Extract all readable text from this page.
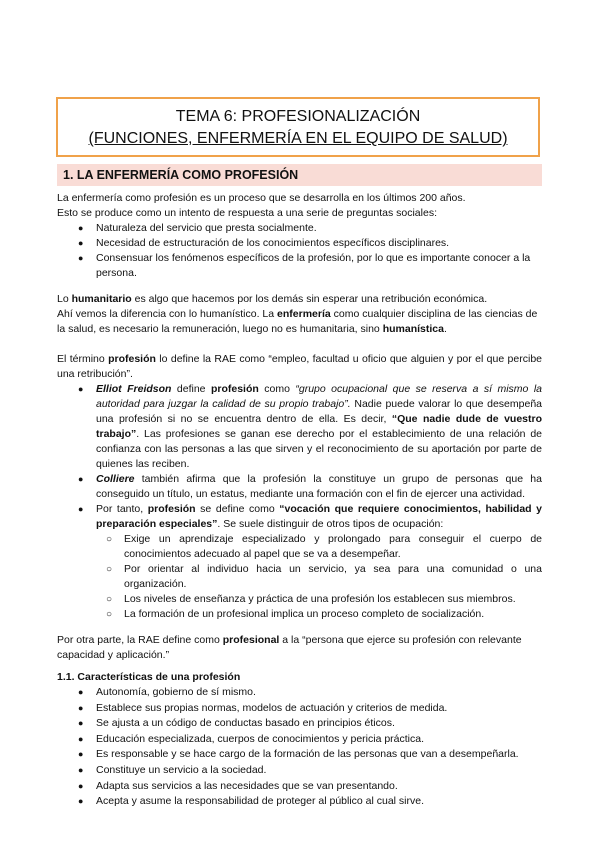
TEMA 6: PROFESIONALIZACIÓN
(FUNCIONES, ENFERMERÍA EN EL EQUIPO DE SALUD)
1. LA ENFERMERÍA COMO PROFESIÓN
La enfermería como profesión es un proceso que se desarrolla en los últimos 200 años.
Esto se produce como un intento de respuesta a una serie de preguntas sociales:
● Naturaleza del servicio que presta socialmente.
● Necesidad de estructuración de los conocimientos específicos disciplinares.
● Consensuar los fenómenos específicos de la profesión, por lo que es importante conocer a la persona.
Lo humanitario es algo que hacemos por los demás sin esperar una retribución económica.
Ahí vemos la diferencia con lo humanístico. La enfermería como cualquier disciplina de las ciencias de la salud, es necesario la remuneración, luego no es humanitaria, sino humanística.
El término profesión lo define la RAE como “empleo, facultad u oficio que alguien y por el que percibe una retribución”.
● Elliot Freidson define profesión como “grupo ocupacional que se reserva a sí mismo la autoridad para juzgar la calidad de su propio trabajo”. Nadie puede valorar lo que desempeña una profesión si no se encuentra dentro de ella. Es decir, “Que nadie dude de vuestro trabajo”. Las profesiones se ganan ese derecho por el establecimiento de una relación de confianza con las personas a las que sirven y el reconocimiento de su aportación por parte de quienes las reciben.
● Colliere también afirma que la profesión la constituye un grupo de personas que ha conseguido un título, un estatus, mediante una formación con el fin de ejercer una actividad.
● Por tanto, profesión se define como “vocación que requiere conocimientos, habilidad y preparación especiales”. Se suele distinguir de otros tipos de ocupación:
○ Exige un aprendizaje especializado y prolongado para conseguir el cuerpo de conocimientos adecuado al papel que se va a desempeñar.
○ Por orientar al individuo hacia un servicio, ya sea para una comunidad o una organización.
○ Los niveles de enseñanza y práctica de una profesión los establecen sus miembros.
○ La formación de un profesional implica un proceso completo de socialización.
Por otra parte, la RAE define como profesional a la “persona que ejerce su profesión con relevante capacidad y aplicación.”
1.1. Características de una profesión
● Autonomía, gobierno de sí mismo.
● Establece sus propias normas, modelos de actuación y criterios de medida.
● Se ajusta a un código de conductas basado en principios éticos.
● Educación especializada, cuerpos de conocimientos y pericia práctica.
● Es responsable y se hace cargo de la formación de las personas que van a desempeñarla.
● Constituye un servicio a la sociedad.
● Adapta sus servicios a las necesidades que se van presentando.
● Acepta y asume la responsabilidad de proteger al público al cual sirve.
